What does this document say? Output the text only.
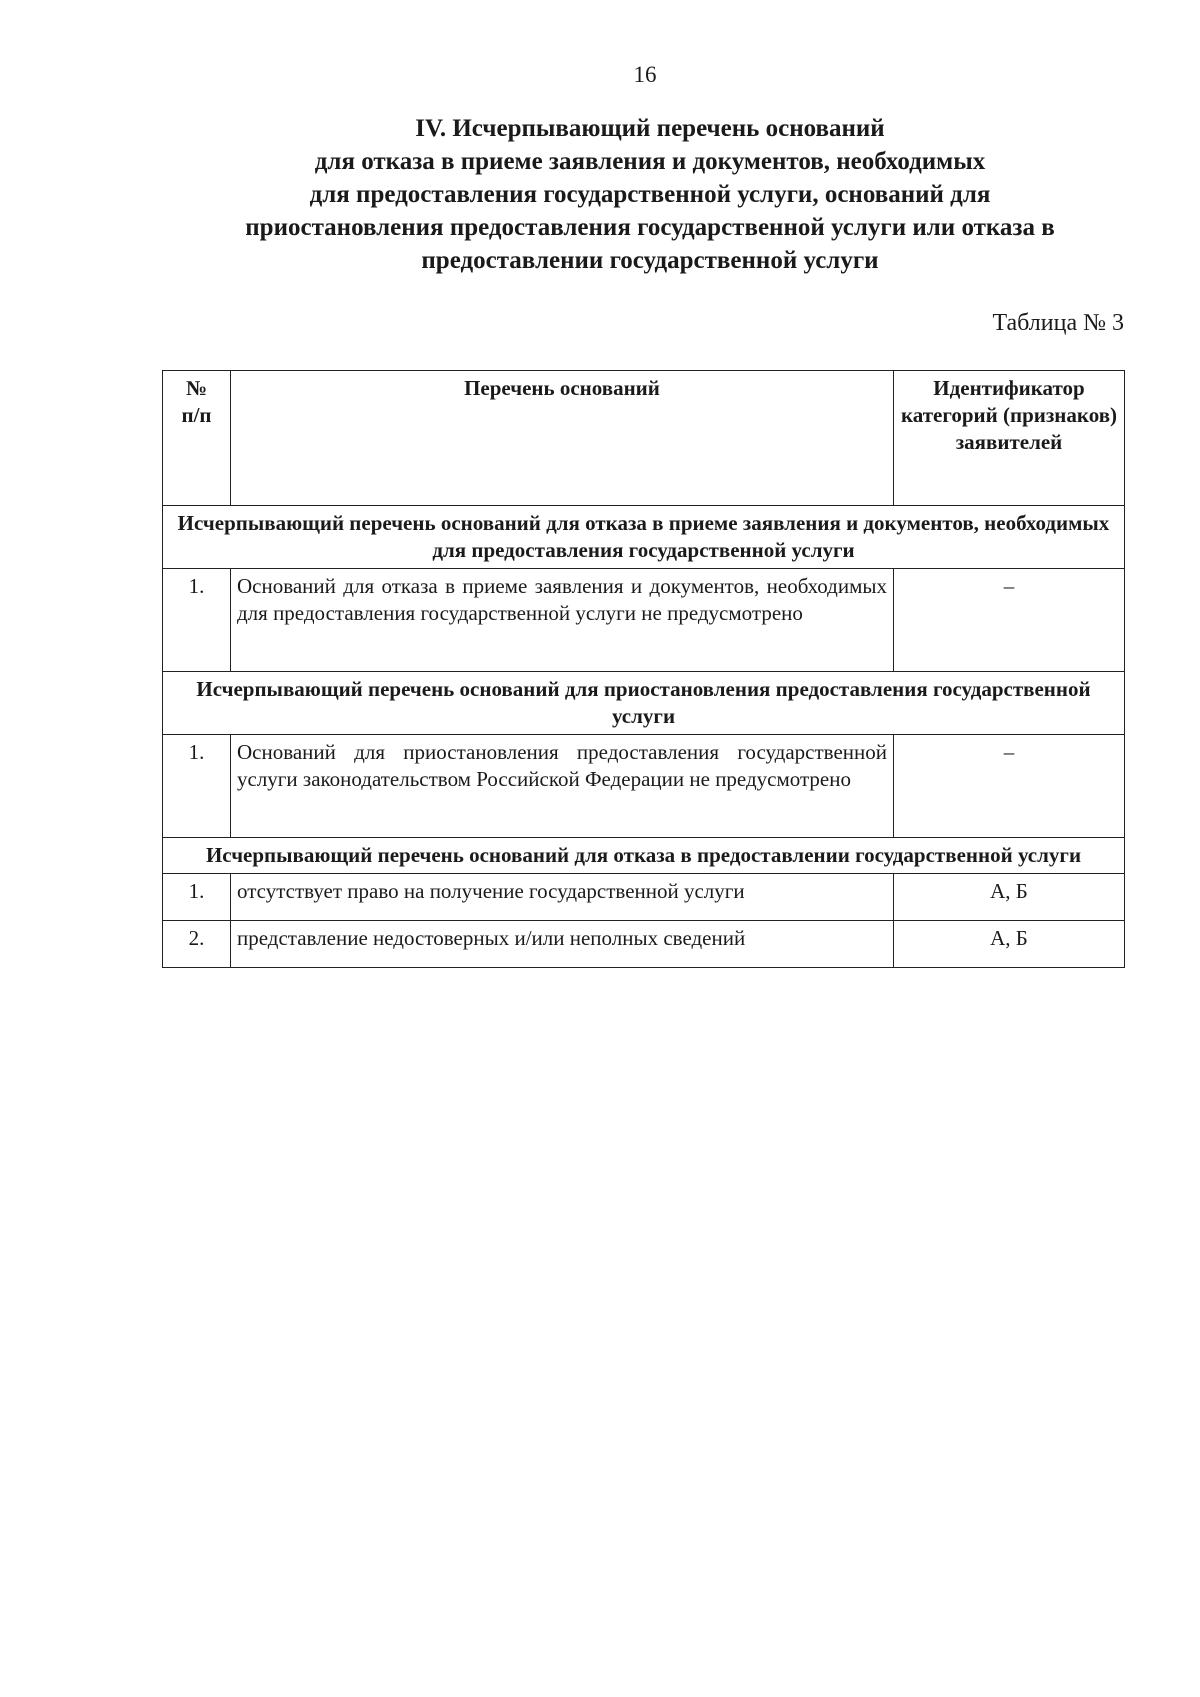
16
IV. Исчерпывающий перечень оснований
для отказа в приеме заявления и документов, необходимых
для предоставления государственной услуги, оснований для
приостановления предоставления государственной услуги или отказа в
предоставлении государственной услуги
Таблица № 3
№
п/п	Перечень оснований	Идентификатор категорий (признаков) заявителей
Исчерпывающий перечень оснований для отказа в приеме заявления и документов, необходимых для предоставления государственной услуги		
1.	Оснований для отказа в приеме заявления и документов, необходимых для предоставления государственной услуги не предусмотрено	–
Исчерпывающий перечень оснований для приостановления предоставления государственной услуги		
1.	Оснований для приостановления предоставления государственной услуги законодательством Российской Федерации не предусмотрено	–
Исчерпывающий перечень оснований для отказа в предоставлении государственной услуги		
1.	отсутствует право на получение государственной услуги	А, Б
2.	представление недостоверных и/или неполных сведений	А, Б
